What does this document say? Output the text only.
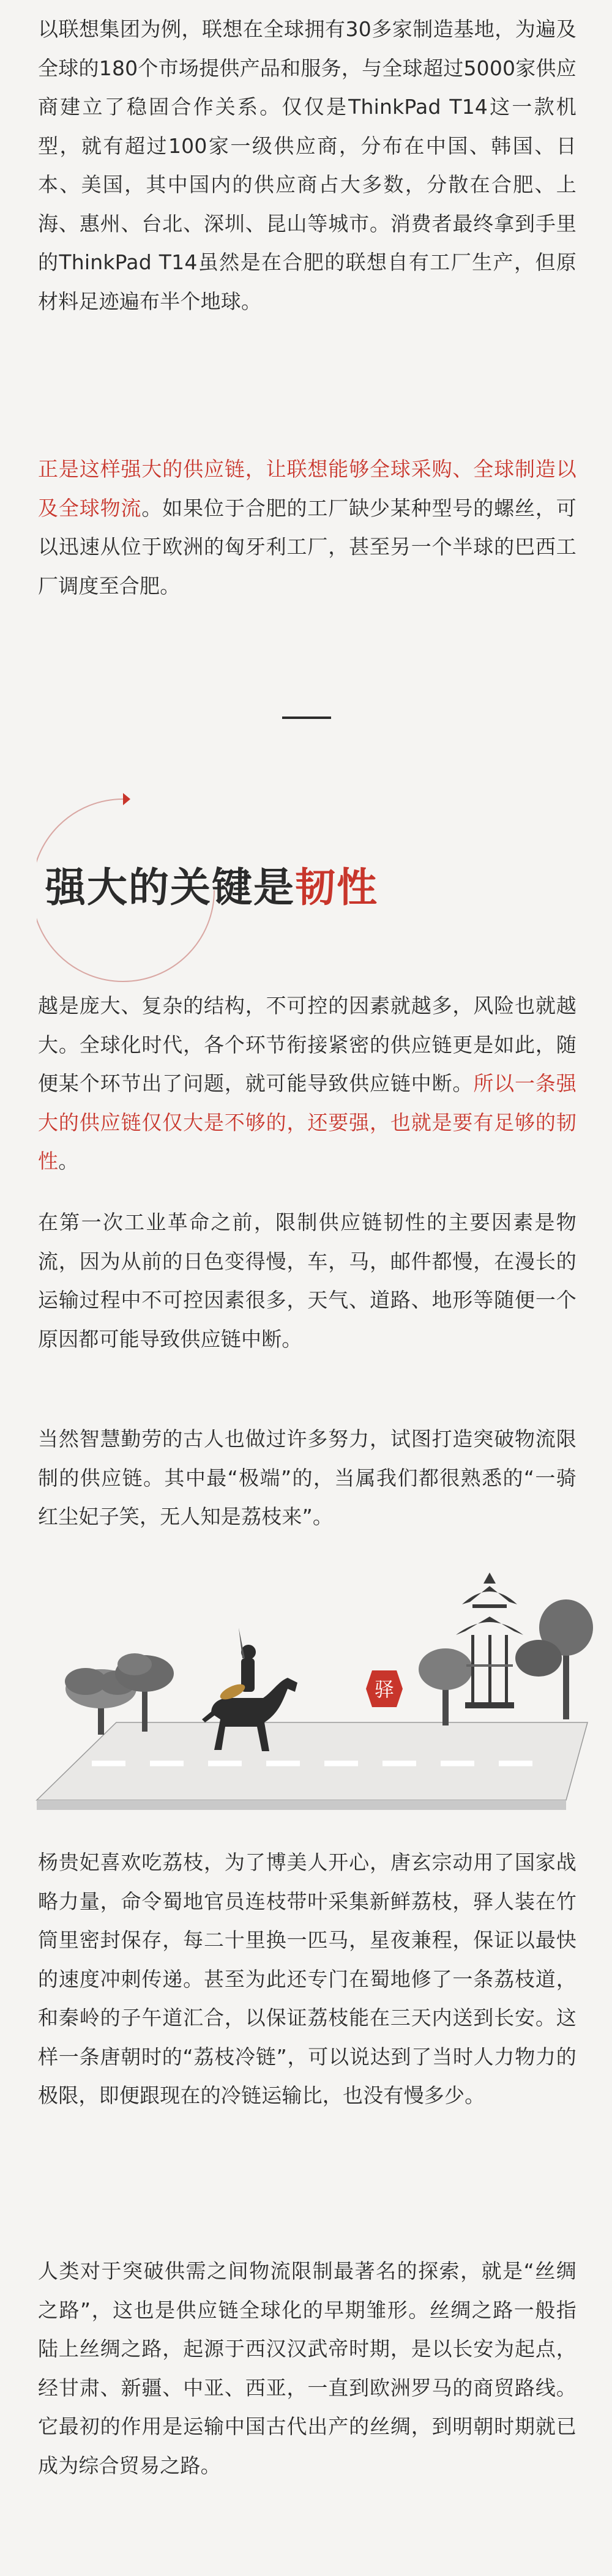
以联想集团为例，联想在全球拥有30多家制造基地，为遍及全球的180个市场提供产品和服务，与全球超过5000家供应商建立了稳固合作关系。仅仅是ThinkPad T14这一款机型，就有超过100家一级供应商，分布在中国、韩国、日本、美国，其中国内的供应商占大多数，分散在合肥、上海、惠州、台北、深圳、昆山等城市。消费者最终拿到手里的ThinkPad T14虽然是在合肥的联想自有工厂生产，但原材料足迹遍布半个地球。

正是这样强大的供应链，让联想能够全球采购、全球制造以及全球物流。如果位于合肥的工厂缺少某种型号的螺丝，可以迅速从位于欧洲的匈牙利工厂，甚至另一个半球的巴西工厂调度至合肥。

强大的关键是韧性

越是庞大、复杂的结构，不可控的因素就越多，风险也就越大。全球化时代，各个环节衔接紧密的供应链更是如此，随便某个环节出了问题，就可能导致供应链中断。所以一条强大的供应链仅仅大是不够的，还要强，也就是要有足够的韧性。

在第一次工业革命之前，限制供应链韧性的主要因素是物流，因为从前的日色变得慢，车，马，邮件都慢，在漫长的运输过程中不可控因素很多，天气、道路、地形等随便一个原因都可能导致供应链中断。

当然智慧勤劳的古人也做过许多努力，试图打造突破物流限制的供应链。其中最“极端”的，当属我们都很熟悉的“一骑红尘妃子笑，无人知是荔枝来”。

驿

杨贵妃喜欢吃荔枝，为了博美人开心，唐玄宗动用了国家战略力量，命令蜀地官员连枝带叶采集新鲜荔枝，驿人装在竹筒里密封保存，每二十里换一匹马，星夜兼程，保证以最快的速度冲刺传递。甚至为此还专门在蜀地修了一条荔枝道，和秦岭的子午道汇合，以保证荔枝能在三天内送到长安。这样一条唐朝时的“荔枝冷链”，可以说达到了当时人力物力的极限，即便跟现在的冷链运输比，也没有慢多少。

人类对于突破供需之间物流限制最著名的探索，就是“丝绸之路”，这也是供应链全球化的早期雏形。丝绸之路一般指陆上丝绸之路，起源于西汉汉武帝时期，是以长安为起点，经甘肃、新疆、中亚、西亚，一直到欧洲罗马的商贸路线。它最初的作用是运输中国古代出产的丝绸，到明朝时期就已成为综合贸易之路。
